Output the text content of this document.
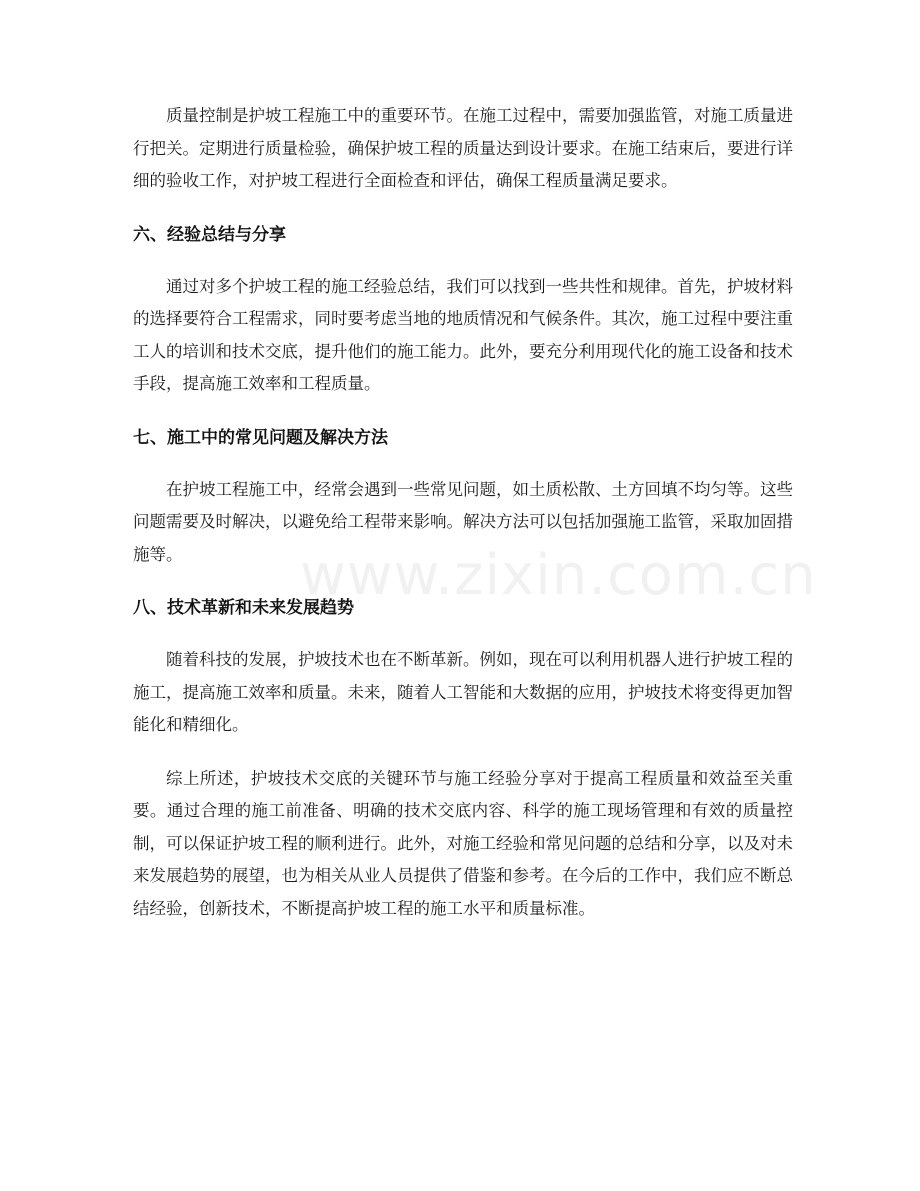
www.zixin.com.cn

质量控制是护坡工程施工中的重要环节。在施工过程中，需要加强监管，对施工质量进行把关。定期进行质量检验，确保护坡工程的质量达到设计要求。在施工结束后，要进行详细的验收工作，对护坡工程进行全面检查和评估，确保工程质量满足要求。

六、经验总结与分享

通过对多个护坡工程的施工经验总结，我们可以找到一些共性和规律。首先，护坡材料的选择要符合工程需求，同时要考虑当地的地质情况和气候条件。其次，施工过程中要注重工人的培训和技术交底，提升他们的施工能力。此外，要充分利用现代化的施工设备和技术手段，提高施工效率和工程质量。

七、施工中的常见问题及解决方法

在护坡工程施工中，经常会遇到一些常见问题，如土质松散、土方回填不均匀等。这些问题需要及时解决，以避免给工程带来影响。解决方法可以包括加强施工监管，采取加固措施等。

八、技术革新和未来发展趋势

随着科技的发展，护坡技术也在不断革新。例如，现在可以利用机器人进行护坡工程的施工，提高施工效率和质量。未来，随着人工智能和大数据的应用，护坡技术将变得更加智能化和精细化。

综上所述，护坡技术交底的关键环节与施工经验分享对于提高工程质量和效益至关重要。通过合理的施工前准备、明确的技术交底内容、科学的施工现场管理和有效的质量控制，可以保证护坡工程的顺利进行。此外，对施工经验和常见问题的总结和分享，以及对未来发展趋势的展望，也为相关从业人员提供了借鉴和参考。在今后的工作中，我们应不断总结经验，创新技术，不断提高护坡工程的施工水平和质量标准。
